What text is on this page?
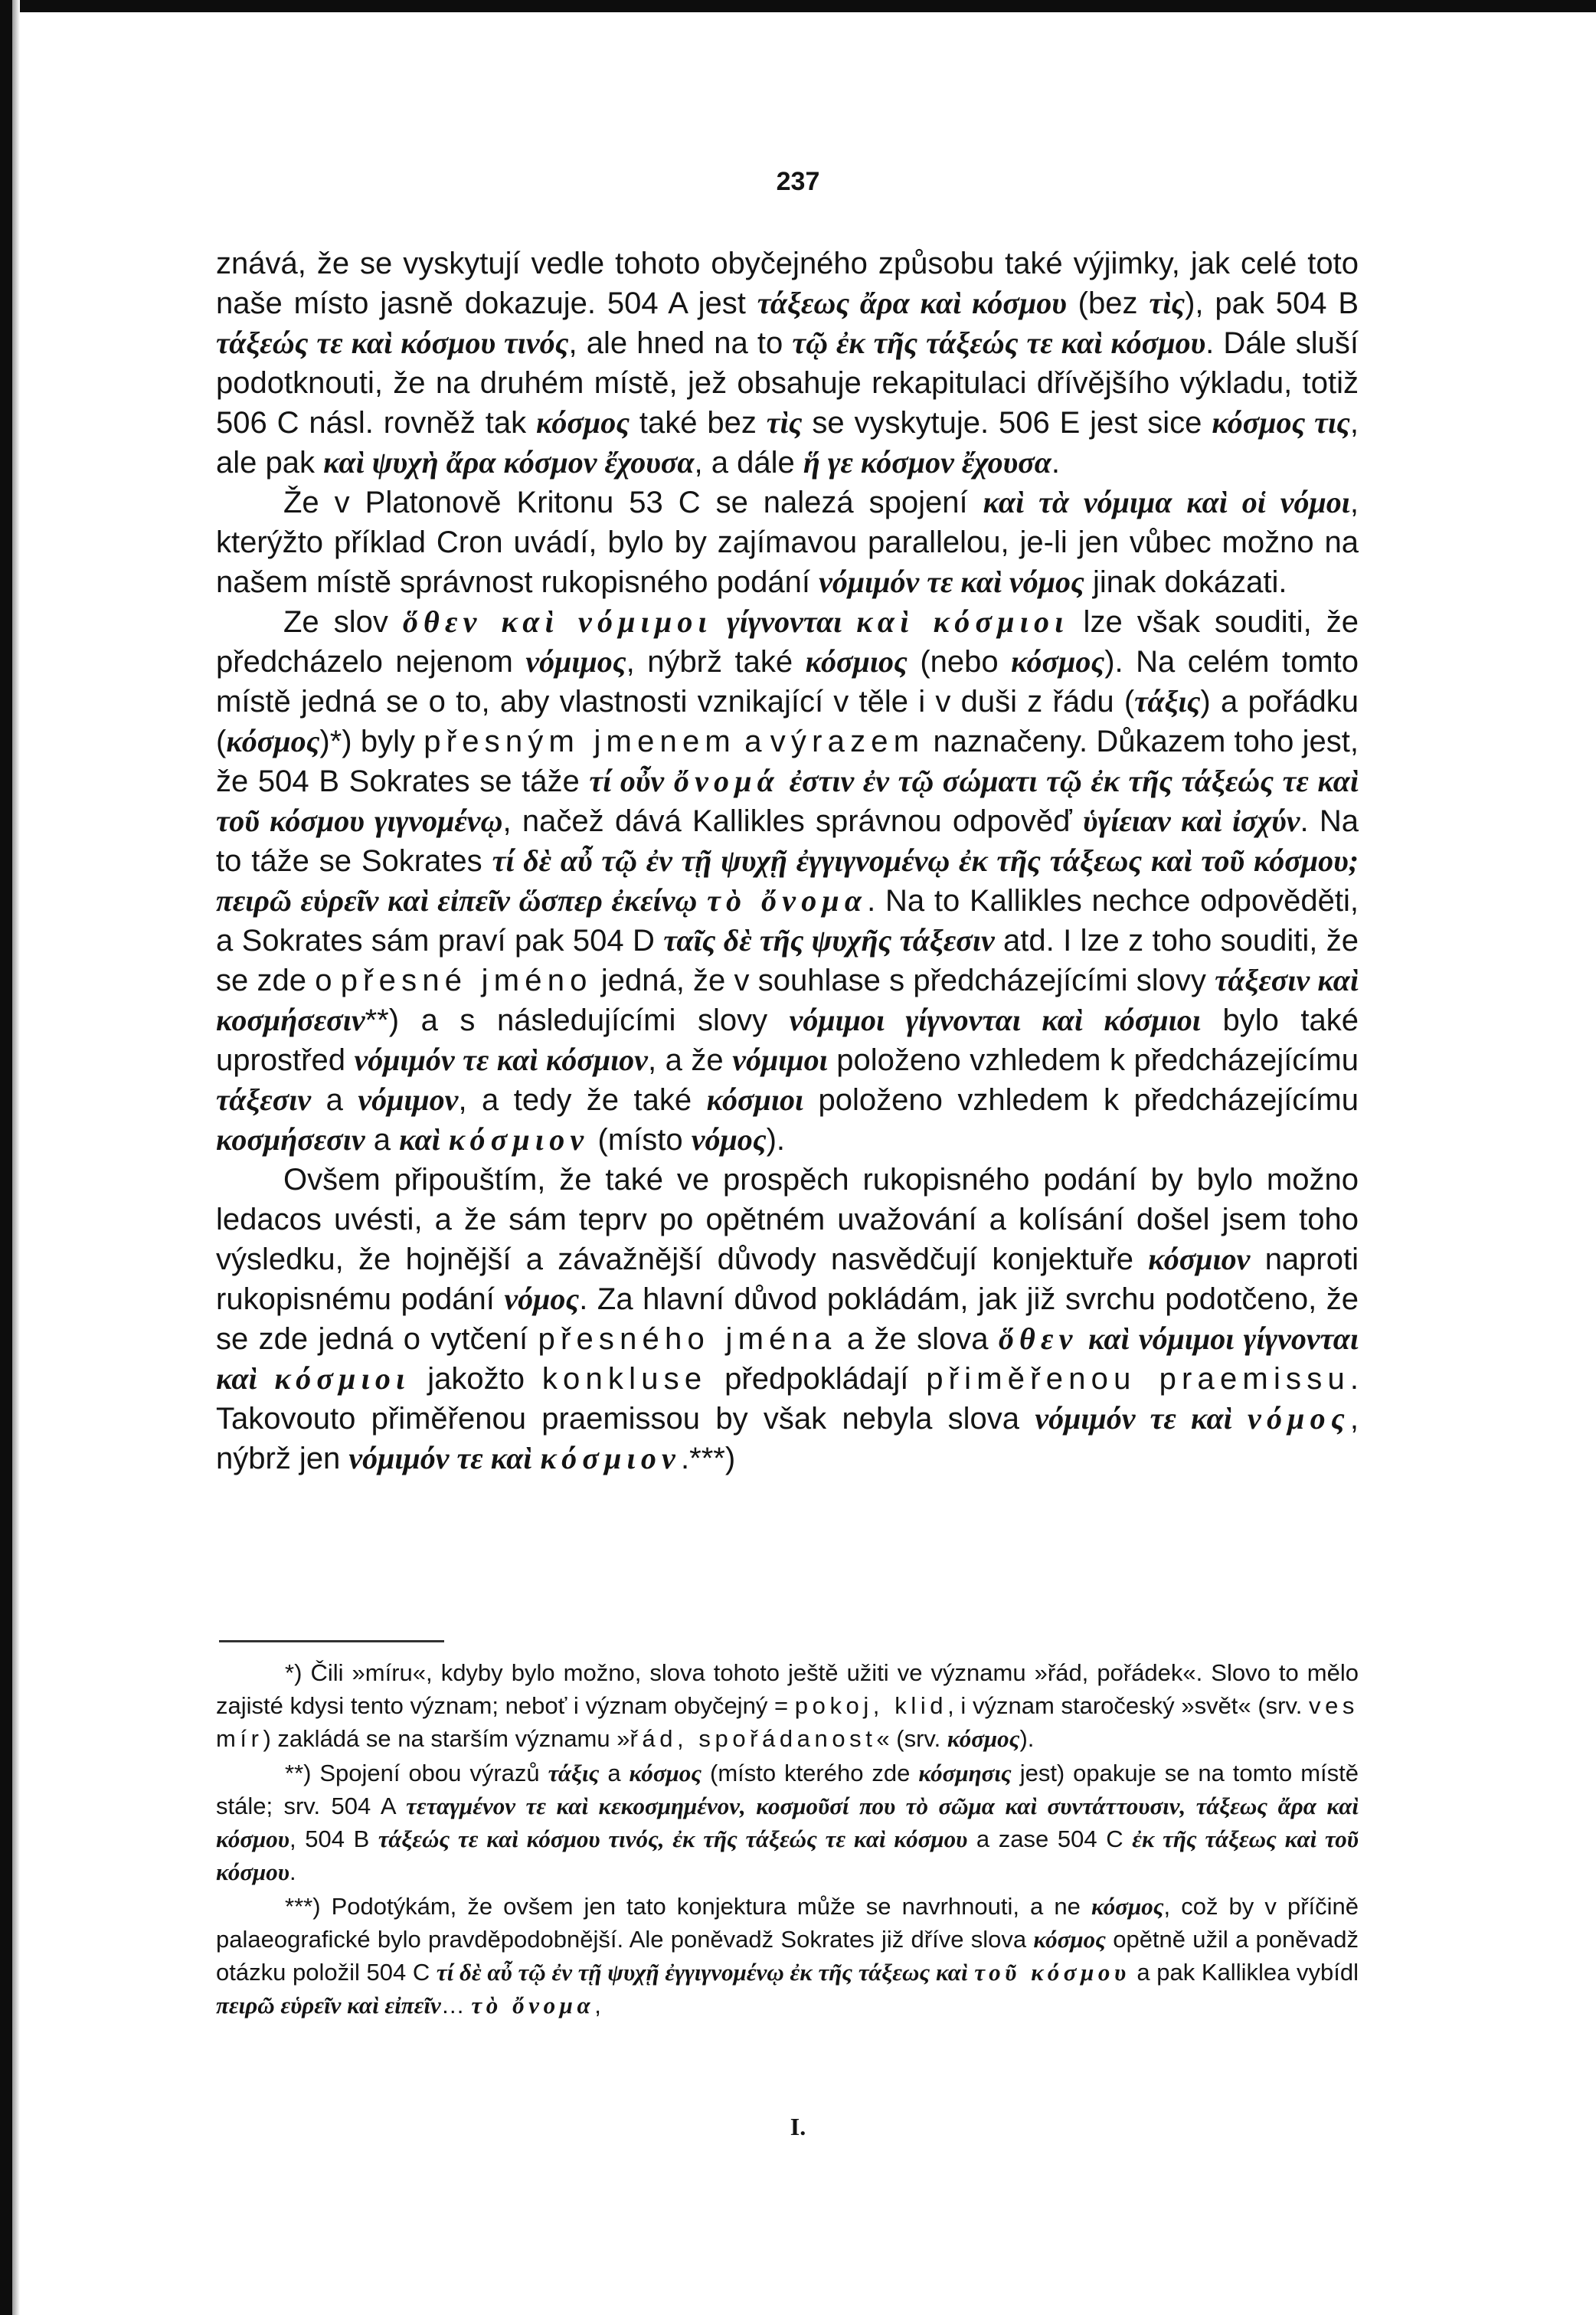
237

znává, že se vyskytují vedle tohoto obyčejného způsobu také výjimky, jak celé toto naše místo jasně dokazuje. 504 A jest τάξεως ἄρα καὶ κόσμου (bez τὶς), pak 504 B τάξεώς τε καὶ κόσμου τινός, ale hned na to τῷ ἐκ τῆς τάξεώς τε καὶ κόσμου. Dále sluší podotknouti, že na druhém místě, jež obsahuje rekapitulaci dřívějšího výkladu, totiž 506 C násl. rovněž tak κόσμος také bez τὶς se vyskytuje. 506 E jest sice κόσμος τις, ale pak καὶ ψυχὴ ἄρα κόσμον ἔχουσα, a dále ἥ γε κόσμον ἔχουσα.

Že v Platonově Kritonu 53 C se nalezá spojení καὶ τὰ νόμιμα καὶ οἱ νόμοι, kterýžto příklad Cron uvádí, bylo by zajímavou parallelou, je-li jen vůbec možno na našem místě správnost rukopisného podání νόμιμόν τε καὶ νόμος jinak dokázati.

Ze slov ὅθεν καὶ νόμιμοι γίγνονται καὶ κόσμιοι lze však souditi, že předcházelo nejenom νόμιμος, nýbrž také κόσμιος (nebo κόσμος). Na celém tomto místě jedná se o to, aby vlastnosti vznikající v těle i v duši z řádu (τάξις) a pořádku (κόσμος)*) byly přesným jmenem a výrazem naznačeny. Důkazem toho jest, že 504 B Sokrates se táže τί οὖν ὄνομά ἐστιν ἐν τῷ σώματι τῷ ἐκ τῆς τάξεώς τε καὶ τοῦ κόσμου γιγνομένῳ, načež dává Kallikles správnou odpověď ὑγίειαν καὶ ἰσχύν. Na to táže se Sokrates τί δὲ αὖ τῷ ἐν τῇ ψυχῇ ἐγγιγνομένῳ ἐκ τῆς τάξεως καὶ τοῦ κόσμου; πειρῶ εὑρεῖν καὶ εἰπεῖν ὥσπερ ἐκείνῳ τὸ ὄνομα. Na to Kallikles nechce odpověděti, a Sokrates sám praví pak 504 D ταῖς δὲ τῆς ψυχῆς τάξεσιν atd. I lze z toho souditi, že se zde o přesné jméno jedná, že v souhlase s předcházejícími slovy τάξεσιν καὶ κοσμήσεσιν**) a s následujícími slovy νόμιμοι γίγνονται καὶ κόσμιοι bylo také uprostřed νόμιμόν τε καὶ κόσμιον, a že νόμιμοι položeno vzhledem k předcházejícímu τάξεσιν a νόμιμον, a tedy že také κόσμιοι položeno vzhledem k předcházejícímu κοσμήσεσιν a καὶ κόσμιον (místo νόμος).

Ovšem připouštím, že také ve prospěch rukopisného podání by bylo možno ledacos uvésti, a že sám teprv po opětném uvažování a kolísání došel jsem toho výsledku, že hojnější a závažnější důvody nasvědčují konjektuře κόσμιον naproti rukopisnému podání νόμος. Za hlavní důvod pokládám, jak již svrchu podotčeno, že se zde jedná o vytčení přesného jména a že slova ὅθεν καὶ νόμιμοι γίγνονται καὶ κόσμιοι jakožto konkluse předpokládají přiměřenou praemissu. Takovouto přiměřenou praemissou by však nebyla slova νόμιμόν τε καὶ νόμος, nýbrž jen νόμιμόν τε καὶ κόσμιον.***)

*) Čili »míru«, kdyby bylo možno, slova tohoto ještě užiti ve významu »řád, pořádek«. Slovo to mělo zajisté kdysi tento význam; neboť i význam obyčejný = pokoj, klid, i význam staročeský »svět« (srv. ves mír) zakládá se na starším významu »řád, spořádanost« (srv. κόσμος).

**) Spojení obou výrazů τάξις a κόσμος (místo kterého zde κόσμησις jest) opakuje se na tomto místě stále; srv. 504 A τεταγμένον τε καὶ κεκοσμημένον, κοσμοῦσί που τὸ σῶμα καὶ συντάττουσιν, τάξεως ἄρα καὶ κόσμου, 504 B τάξεώς τε καὶ κόσμου τινός, ἐκ τῆς τάξεώς τε καὶ κόσμου a zase 504 C ἐκ τῆς τάξεως καὶ τοῦ κόσμου.

***) Podotýkám, že ovšem jen tato konjektura může se navrhnouti, a ne κόσμος, což by v příčině palaeografické bylo pravděpodobnější. Ale poněvadž Sokrates již dříve slova κόσμος opětně užil a poněvadž otázku položil 504 C τί δὲ αὖ τῷ ἐν τῇ ψυχῇ ἐγγιγνομένῳ ἐκ τῆς τάξεως καὶ τοῦ κόσμου a pak Kalliklea vybídl πειρῶ εὑρεῖν καὶ εἰπεῖν… τὸ ὄνομα,

I.
